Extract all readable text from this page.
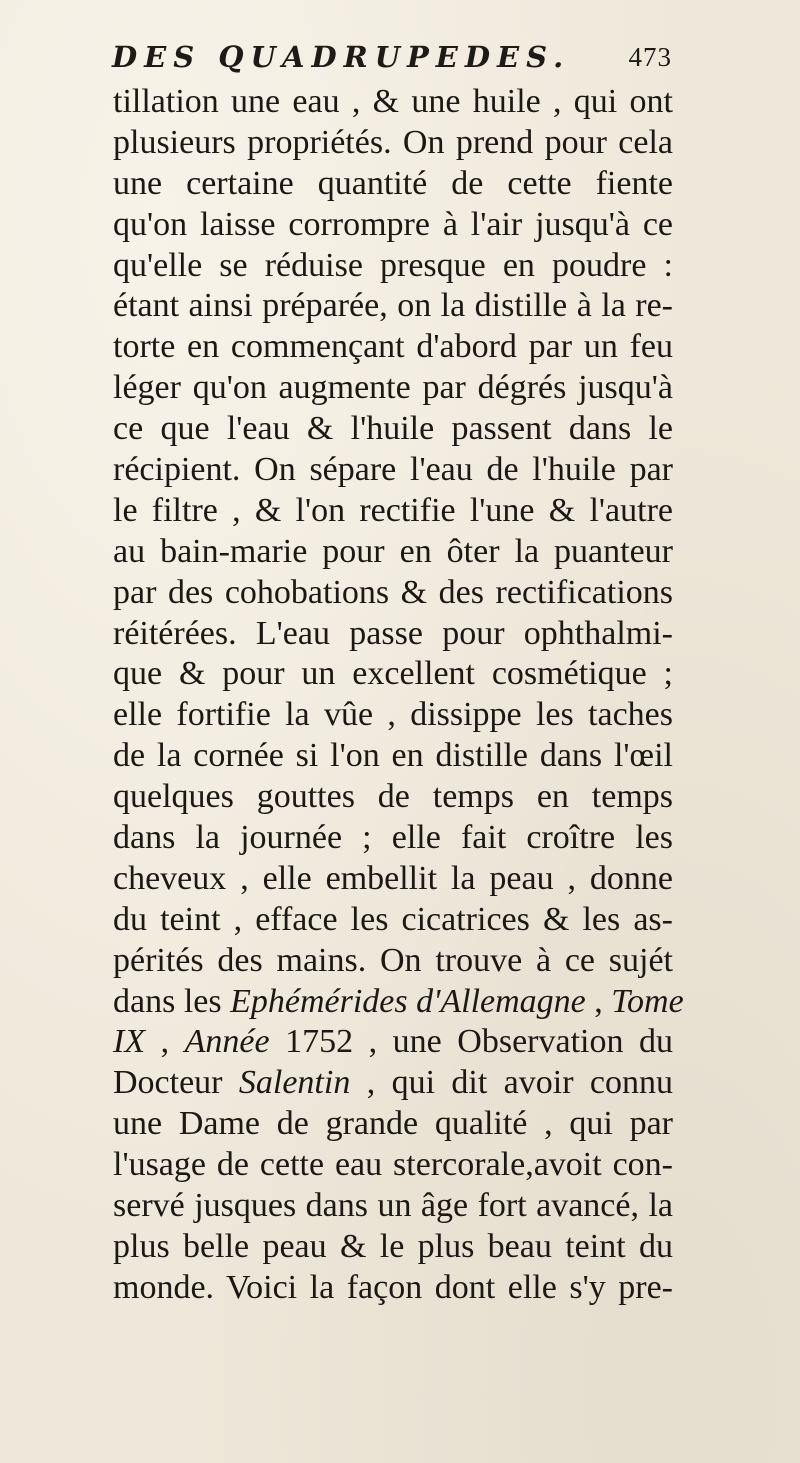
DES QUADRUPEDES. 473
tillation une eau , & une huile , qui ont
plusieurs propriétés. On prend pour cela
une certaine quantité de cette fiente
qu'on laisse corrompre à l'air jusqu'à ce
qu'elle se réduise presque en poudre :
étant ainsi préparée, on la distille à la re-
torte en commençant d'abord par un feu
léger qu'on augmente par dégrés jusqu'à
ce que l'eau & l'huile passent dans le
récipient. On sépare l'eau de l'huile par
le filtre , & l'on rectifie l'une & l'autre
au bain-marie pour en ôter la puanteur
par des cohobations & des rectifications
réitérées. L'eau passe pour ophthalmi-
que & pour un excellent cosmétique ;
elle fortifie la vûe , dissippe les taches
de la cornée si l'on en distille dans l'œil
quelques gouttes de temps en temps
dans la journée ; elle fait croître les
cheveux , elle embellit la peau , donne
du teint , efface les cicatrices & les as-
pérités des mains. On trouve à ce sujét
dans les Ephémérides d'Allemagne , Tome
IX , Année 1752 , une Observation du
Docteur Salentin , qui dit avoir connu
une Dame de grande qualité , qui par
l'usage de cette eau stercorale,avoit con-
servé jusques dans un âge fort avancé, la
plus belle peau & le plus beau teint du
monde. Voici la façon dont elle s'y pre-
